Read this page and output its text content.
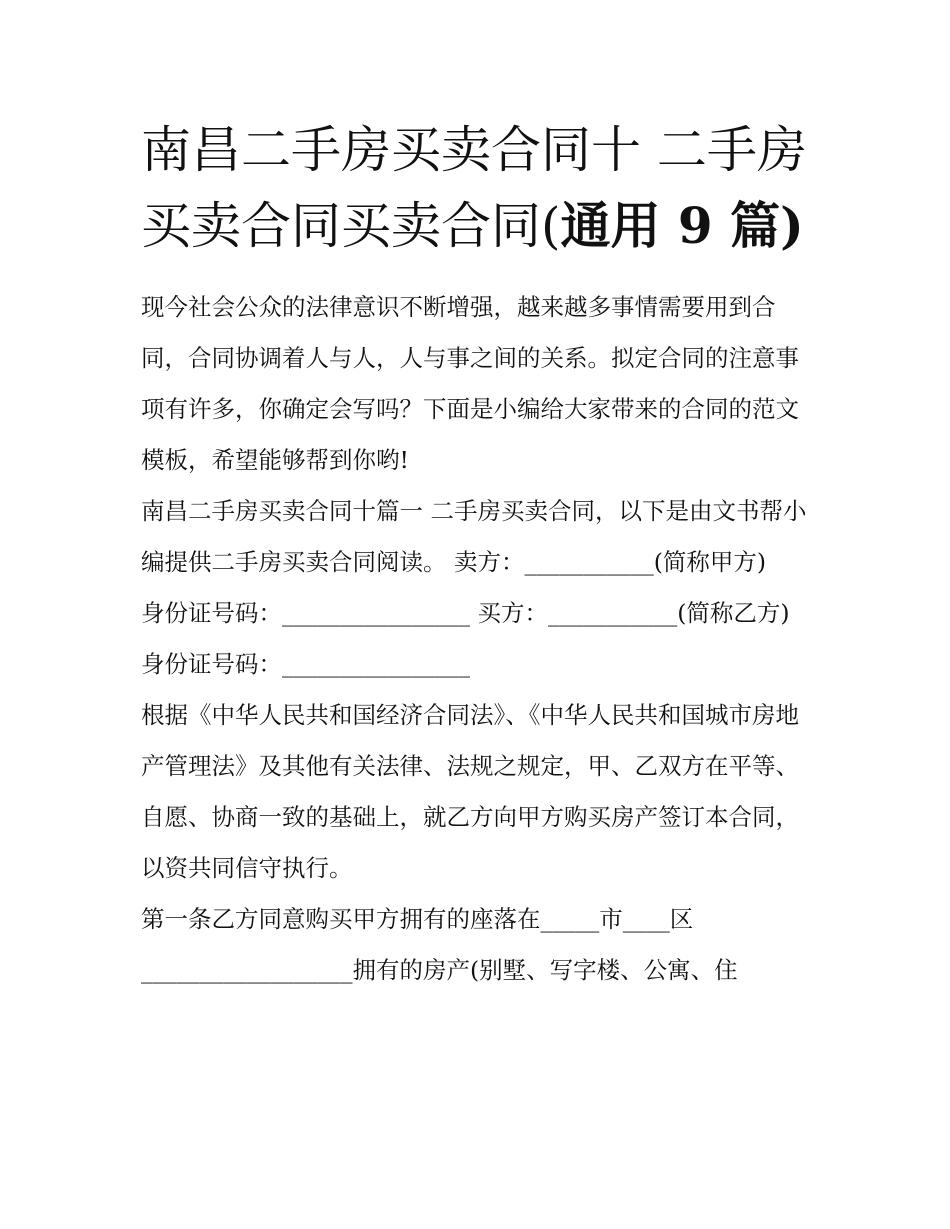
南昌二手房买卖合同十 二手房买卖合同买卖合同(通用 9 篇)

现今社会公众的法律意识不断增强，越来越多事情需要用到合同，合同协调着人与人，人与事之间的关系。拟定合同的注意事项有许多，你确定会写吗？下面是小编给大家带来的合同的范文模板，希望能够帮到你哟!

南昌二手房买卖合同十篇一 二手房买卖合同，以下是由文书帮小编提供二手房买卖合同阅读。 卖方：___________(简称甲方)

身份证号码：________________ 买方：___________(简称乙方)

身份证号码：________________

根据《中华人民共和国经济合同法》、《中华人民共和国城市房地产管理法》及其他有关法律、法规之规定，甲、乙双方在平等、自愿、协商一致的基础上，就乙方向甲方购买房产签订本合同，以资共同信守执行。

第一条乙方同意购买甲方拥有的座落在_____市____区__________________拥有的房产(别墅、写字楼、公寓、住
